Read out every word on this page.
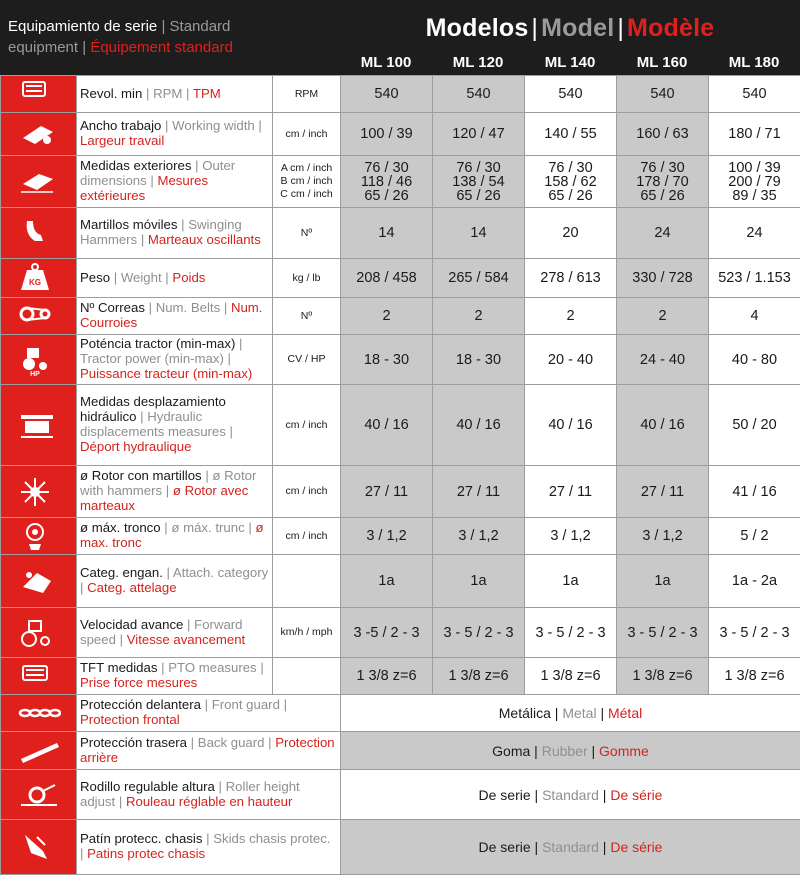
Equipamiento de serie | Standard
equipment | Équipement standard
Modelos | Model | Modèle
ML 100	ML 120	ML 140	ML 160	ML 180
	Revol. min | RPM | TPM	RPM	540	540	540	540	540

	Ancho trabajo | Working width | Largeur travail	cm / inch	100 / 39	120 / 47	140 / 55	160 / 63	180 / 71

	Medidas exteriores | Outer dimensions | Mesures extérieures	A cm / inch
B cm / inch
C cm / inch	76 / 30
118 / 46
65 / 26	76 / 30
138 / 54
65 / 26	76 / 30
158 / 62
65 / 26	76 / 30
178 / 70
65 / 26	100 / 39
200 / 79
89 / 35

	Martillos móviles | Swinging Hammers | Marteaux oscillants	Nº	14	14	20	24	24

KG	Peso | Weight | Poids	kg / lb	208 / 458	265 / 584	278 / 613	330 / 728	523 / 1.153

	Nº Correas | Num. Belts | Num. Courroies	Nº	2	2	2	2	4

HP	Poténcia tractor (min-max) | Tractor power (min-max) | Puissance tracteur (min-max)	CV / HP	18 - 30	18 - 30	20 - 40	24 - 40	40 - 80

	Medidas desplazamiento hidráulico | Hydraulic displacements measures | Déport hydraulique	cm / inch	40 / 16	40 / 16	40 / 16	40 / 16	50 / 20

	ø Rotor con martillos | ø Rotor with hammers | ø Rotor avec marteaux	cm / inch	27 / 11	27 / 11	27 / 11	27 / 11	41 / 16

	ø máx. tronco | ø máx. trunc | ø max. tronc	cm / inch	3 / 1,2	3 / 1,2	3 / 1,2	3 / 1,2	5 / 2

	Categ. engan. | Attach. category | Categ. attelage		1a	1a	1a	1a	1a - 2a

	Velocidad avance | Forward speed | Vitesse avancement	km/h / mph	3 -5 / 2 - 3	3 - 5 / 2 - 3	3 - 5 / 2 - 3	3 - 5 / 2 - 3	3 - 5 / 2 - 3

	TFT medidas | PTO measures | Prise force mesures		1 3/8 z=6	1 3/8 z=6	1 3/8 z=6	1 3/8 z=6	1 3/8 z=6

	Protección delantera | Front guard | Protection frontal		Metálica | Metal | Métal				

	Protección trasera | Back guard | Protection arrière		Goma | Rubber | Gomme				

	Rodillo regulable altura | Roller height adjust | Rouleau réglable en hauteur		De serie | Standard | De série				

	Patín protecc. chasis | Skids chasis protec. | Patins protec chasis		De serie | Standard | De série				
